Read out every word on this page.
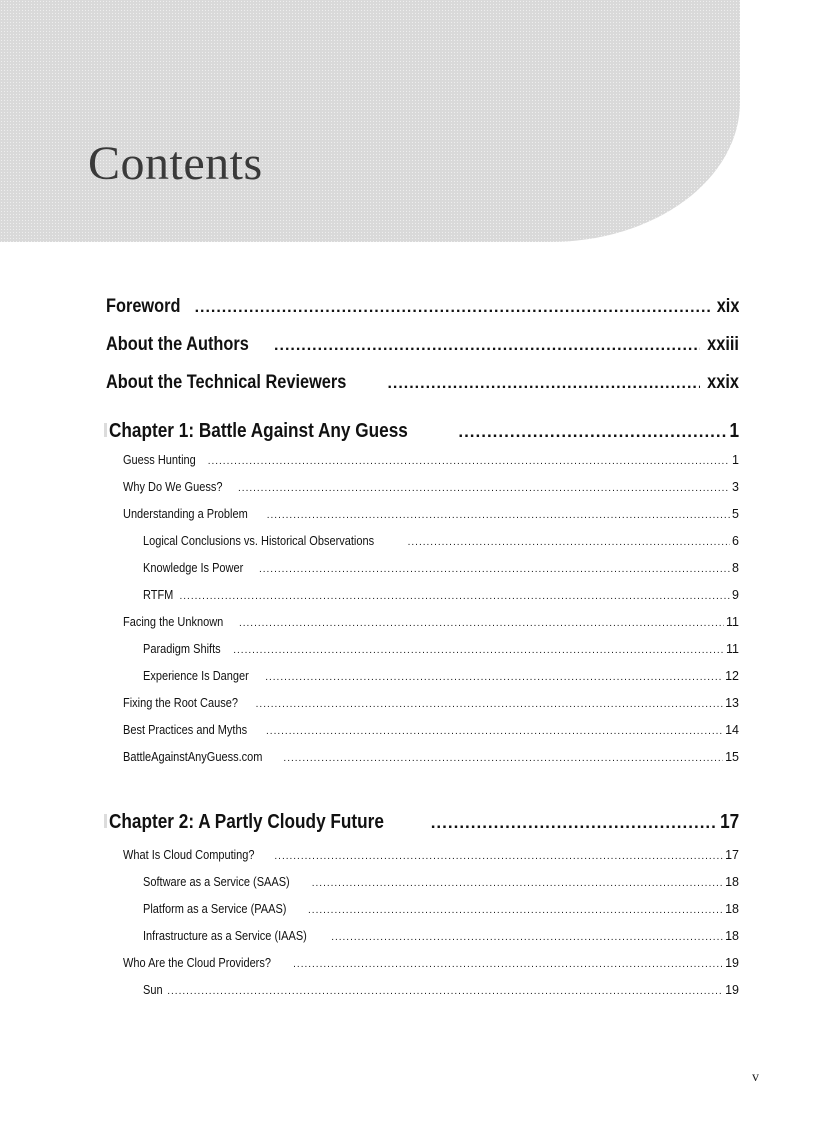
Contents
Foreword .....	xix
About the Authors .....	xxiii
About the Technical Reviewers .....	xxix
Chapter 1: Battle Against Any Guess .....	1
Guess Hunting .....	1
Why Do We Guess? .....	3
Understanding a Problem .....	5
Logical Conclusions vs. Historical Observations .....	6
Knowledge Is Power .....	8
RTFM .....	9
Facing the Unknown .....	11
Paradigm Shifts .....	11
Experience Is Danger .....	12
Fixing the Root Cause? .....	13
Best Practices and Myths .....	14
BattleAgainstAnyGuess.com .....	15
Chapter 2: A Partly Cloudy Future .....	17
What Is Cloud Computing? .....	17
Software as a Service (SAAS) .....	18
Platform as a Service (PAAS) .....	18
Infrastructure as a Service (IAAS) .....	18
Who Are the Cloud Providers? .....	19
Sun .....	19
v
